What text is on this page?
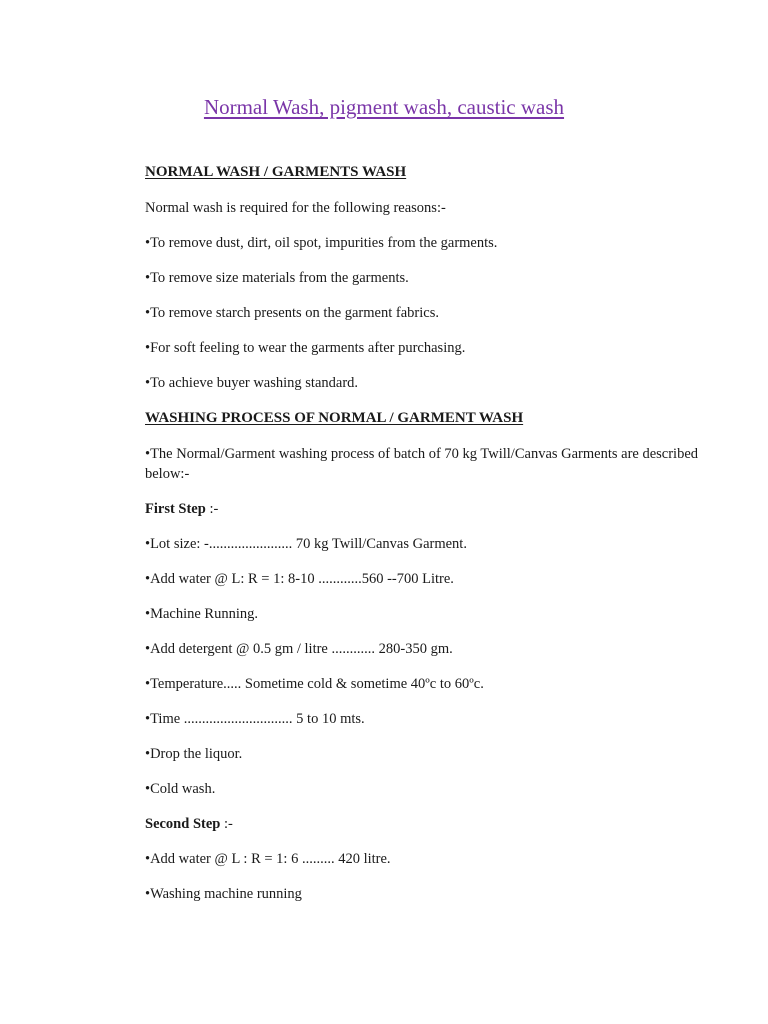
Normal Wash, pigment wash, caustic wash
NORMAL WASH / GARMENTS WASH

Normal wash is required for the following reasons:-

•To remove dust, dirt, oil spot, impurities from the garments.

•To remove size materials from the garments.

•To remove starch presents on the garment fabrics.

•For soft feeling to wear the garments after purchasing.

•To achieve buyer washing standard.

WASHING PROCESS OF NORMAL / GARMENT WASH

•The Normal/Garment washing process of batch of 70 kg Twill/Canvas Garments are described below:-

First Step :-

•Lot size: -....................... 70 kg Twill/Canvas Garment.

•Add water @ L: R = 1: 8-10 ............560 --700 Litre.

•Machine Running.

•Add detergent @ 0.5 gm / litre ............ 280-350 gm.

•Temperature..... Sometime cold & sometime 40ºc to 60ºc.

•Time .............................. 5 to 10 mts.

•Drop the liquor.

•Cold wash.

Second Step :-

•Add water @ L : R = 1: 6 ......... 420 litre.

•Washing machine running
